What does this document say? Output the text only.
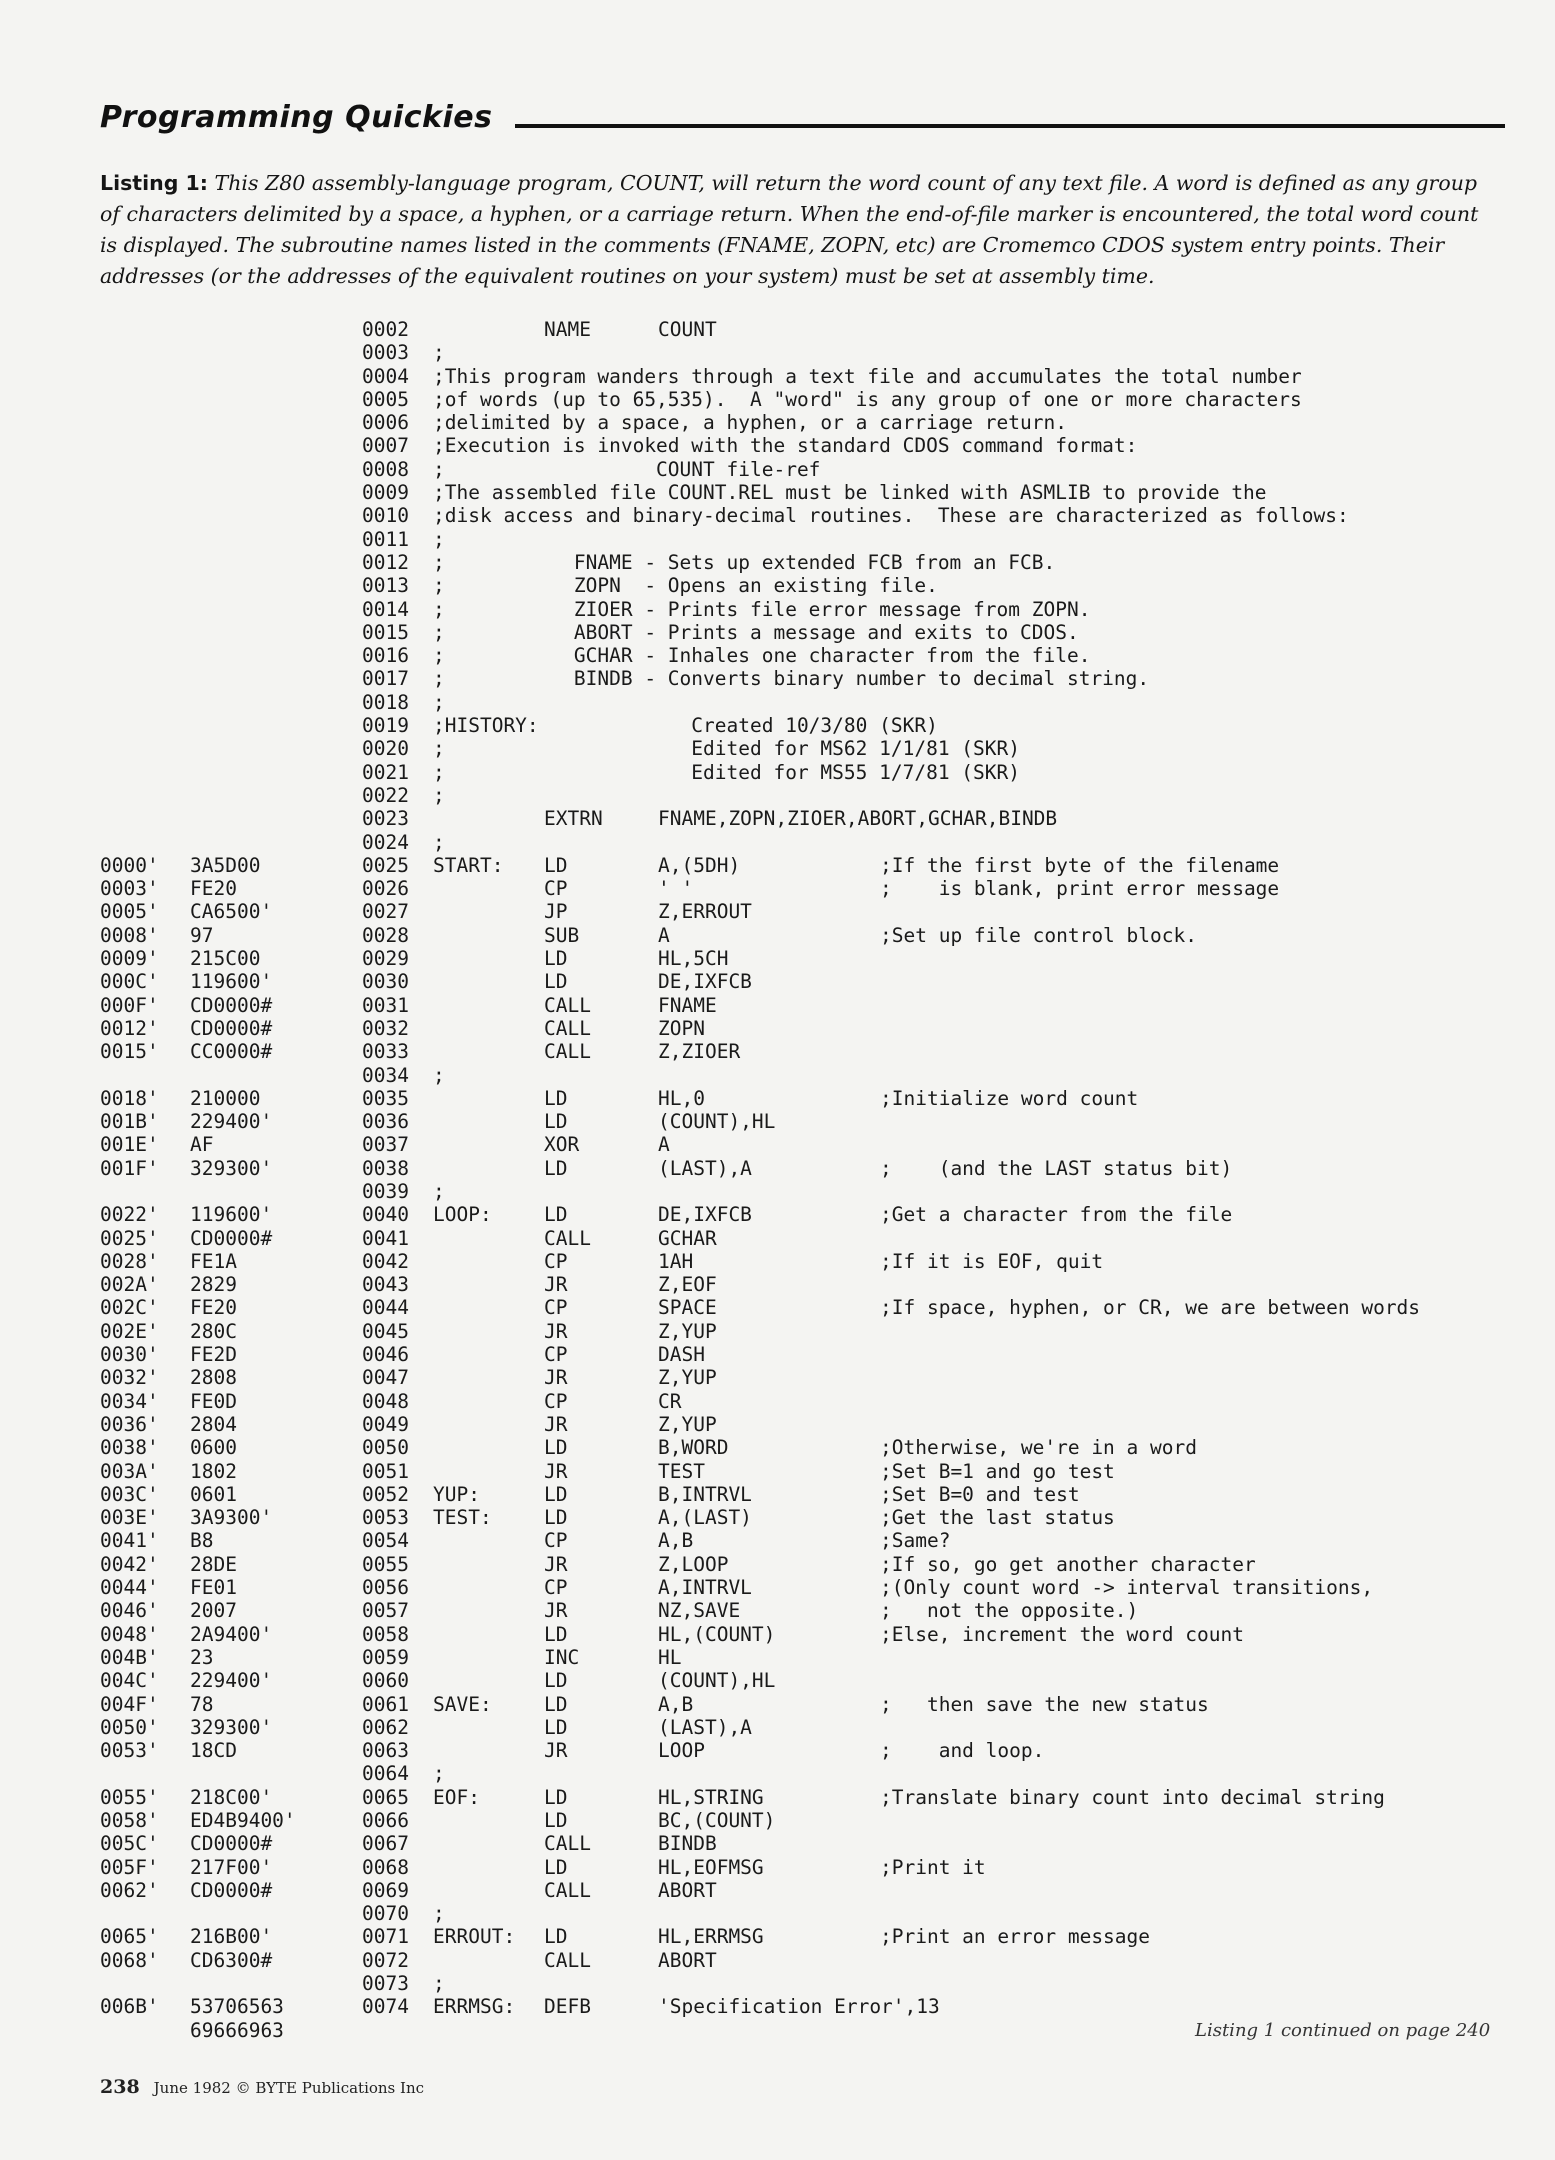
Programming Quickies
Listing 1: This Z80 assembly-language program, COUNT, will return the word count of any text file. A word is defined as any group of characters delimited by a space, a hyphen, or a carriage return. When the end-of-file marker is encountered, the total word count is displayed. The subroutine names listed in the comments (FNAME, ZOPN, etc) are Cromemco CDOS system entry points. Their addresses (or the addresses of the equivalent routines on your system) must be set at assembly time.
0002	NAME	COUNT
0003 ;
0004 ;This program wanders through a text file and accumulates the total number
0005 ;of words (up to 65,535).  A "word" is any group of one or more characters
0006 ;delimited by a space, a hyphen, or a carriage return.
0007 ;Execution is invoked with the standard CDOS command format:
0008 ;                  COUNT file-ref
0009 ;The assembled file COUNT.REL must be linked with ASMLIB to provide the
0010 ;disk access and binary-decimal routines.  These are characterized as follows:
0011 ;
0012 ;           FNAME - Sets up extended FCB from an FCB.
0013 ;           ZOPN  - Opens an existing file.
0014 ;           ZIOER - Prints file error message from ZOPN.
0015 ;           ABORT - Prints a message and exits to CDOS.
0016 ;           GCHAR - Inhales one character from the file.
0017 ;           BINDB - Converts binary number to decimal string.
0018 ;
0019 ;HISTORY:             Created 10/3/80 (SKR)
0020 ;                     Edited for MS62 1/1/81 (SKR)
0021 ;                     Edited for MS55 1/7/81 (SKR)
0022 ;
0023	EXTRN	FNAME,ZOPN,ZIOER,ABORT,GCHAR,BINDB
0024 ;
0000' 3A5D00	0025 START: LD	A,(5DH)	;If the first byte of the filename
0003' FE20	0026	CP	' '	;    is blank, print error message
0005' CA6500'	0027	JP	Z,ERROUT
0008' 97	0028	SUB	A	;Set up file control block.
0009' 215C00	0029	LD	HL,5CH
000C' 119600'	0030	LD	DE,IXFCB
000F' CD0000#	0031	CALL	FNAME
0012' CD0000#	0032	CALL	ZOPN
0015' CC0000#	0033	CALL	Z,ZIOER
0034 ;
0018' 210000	0035	LD	HL,0	;Initialize word count
001B' 229400'	0036	LD	(COUNT),HL
001E' AF	0037	XOR	A
001F' 329300'	0038	LD	(LAST),A	;    (and the LAST status bit)
0039 ;
0022' 119600'	0040 LOOP:	LD	DE,IXFCB	;Get a character from the file
0025' CD0000#	0041	CALL	GCHAR
0028' FE1A	0042	CP	1AH	;If it is EOF, quit
002A' 2829	0043	JR	Z,EOF
002C' FE20	0044	CP	SPACE	;If space, hyphen, or CR, we are between words
002E' 280C	0045	JR	Z,YUP
0030' FE2D	0046	CP	DASH
0032' 2808	0047	JR	Z,YUP
0034' FE0D	0048	CP	CR
0036' 2804	0049	JR	Z,YUP
0038' 0600	0050	LD	B,WORD	;Otherwise, we're in a word
003A' 1802	0051	JR	TEST	;Set B=1 and go test
003C' 0601	0052 YUP:	LD	B,INTRVL	;Set B=0 and test
003E' 3A9300'	0053 TEST:	LD	A,(LAST)	;Get the last status
0041' B8	0054	CP	A,B	;Same?
0042' 28DE	0055	JR	Z,LOOP	;If so, go get another character
0044' FE01	0056	CP	A,INTRVL	;(Only count word -> interval transitions,
0046' 2007	0057	JR	NZ,SAVE	;   not the opposite.)
0048' 2A9400'	0058	LD	HL,(COUNT)	;Else, increment the word count
004B' 23	0059	INC	HL
004C' 229400'	0060	LD	(COUNT),HL
004F' 78	0061 SAVE:	LD	A,B	;   then save the new status
0050' 329300'	0062	LD	(LAST),A
0053' 18CD	0063	JR	LOOP	;    and loop.
0064 ;
0055' 218C00'	0065 EOF:	LD	HL,STRING	;Translate binary count into decimal string
0058' ED4B9400'	0066	LD	BC,(COUNT)
005C' CD0000#	0067	CALL	BINDB
005F' 217F00'	0068	LD	HL,EOFMSG	;Print it
0062' CD0000#	0069	CALL	ABORT
0070 ;
0065' 216B00'	0071 ERROUT: LD	HL,ERRMSG	;Print an error message
0068' CD6300#	0072	CALL	ABORT
0073 ;
006B' 53706563	0074 ERRMSG: DEFB	'Specification Error',13
69666963	Listing 1 continued on page 240
238 June 1982 © BYTE Publications Inc
